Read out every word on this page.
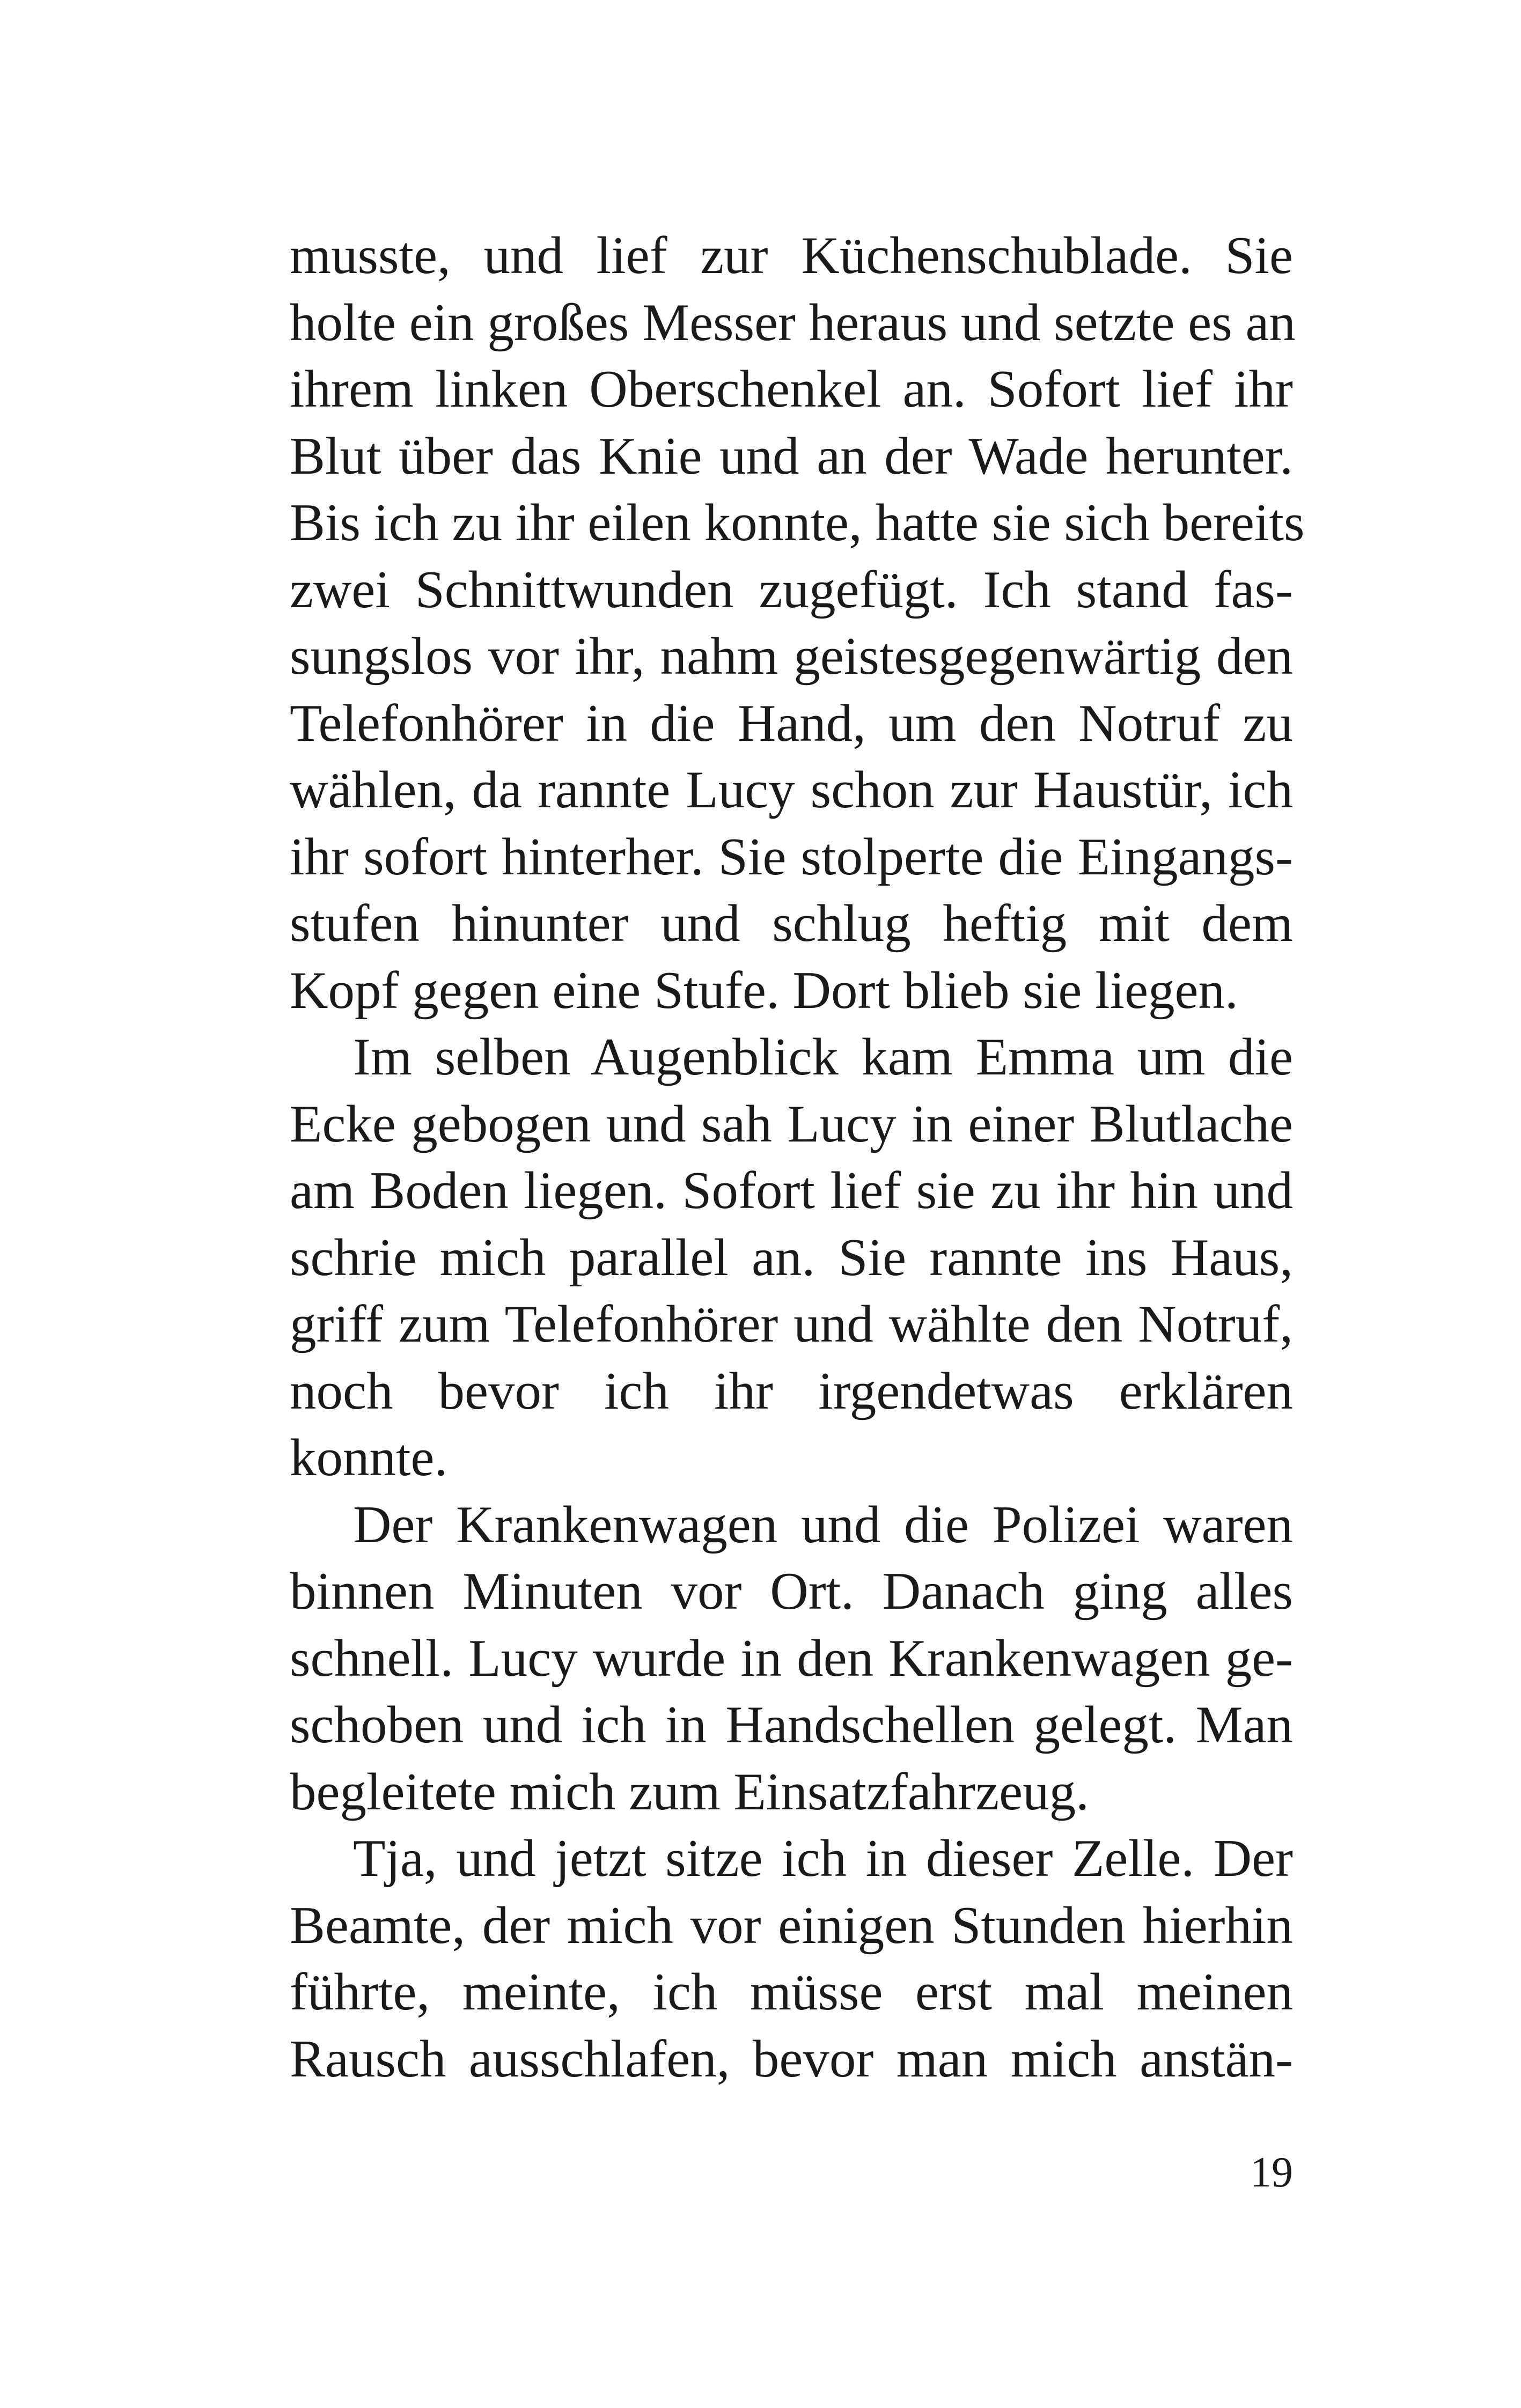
musste, und lief zur Küchenschublade. Sie
holte ein großes Messer heraus und setzte es an
ihrem linken Oberschenkel an. Sofort lief ihr
Blut über das Knie und an der Wade herunter.
Bis ich zu ihr eilen konnte, hatte sie sich bereits
zwei Schnittwunden zugefügt. Ich stand fas-
sungslos vor ihr, nahm geistesgegenwärtig den
Telefonhörer in die Hand, um den Notruf zu
wählen, da rannte Lucy schon zur Haustür, ich
ihr sofort hinterher. Sie stolperte die Eingangs-
stufen hinunter und schlug heftig mit dem
Kopf gegen eine Stufe. Dort blieb sie liegen.
Im selben Augenblick kam Emma um die
Ecke gebogen und sah Lucy in einer Blutlache
am Boden liegen. Sofort lief sie zu ihr hin und
schrie mich parallel an. Sie rannte ins Haus,
griff zum Telefonhörer und wählte den Notruf,
noch bevor ich ihr irgendetwas erklären
konnte.
Der Krankenwagen und die Polizei waren
binnen Minuten vor Ort. Danach ging alles
schnell. Lucy wurde in den Krankenwagen ge-
schoben und ich in Handschellen gelegt. Man
begleitete mich zum Einsatzfahrzeug.
Tja, und jetzt sitze ich in dieser Zelle. Der
Beamte, der mich vor einigen Stunden hierhin
führte, meinte, ich müsse erst mal meinen
Rausch ausschlafen, bevor man mich anstän-
19
